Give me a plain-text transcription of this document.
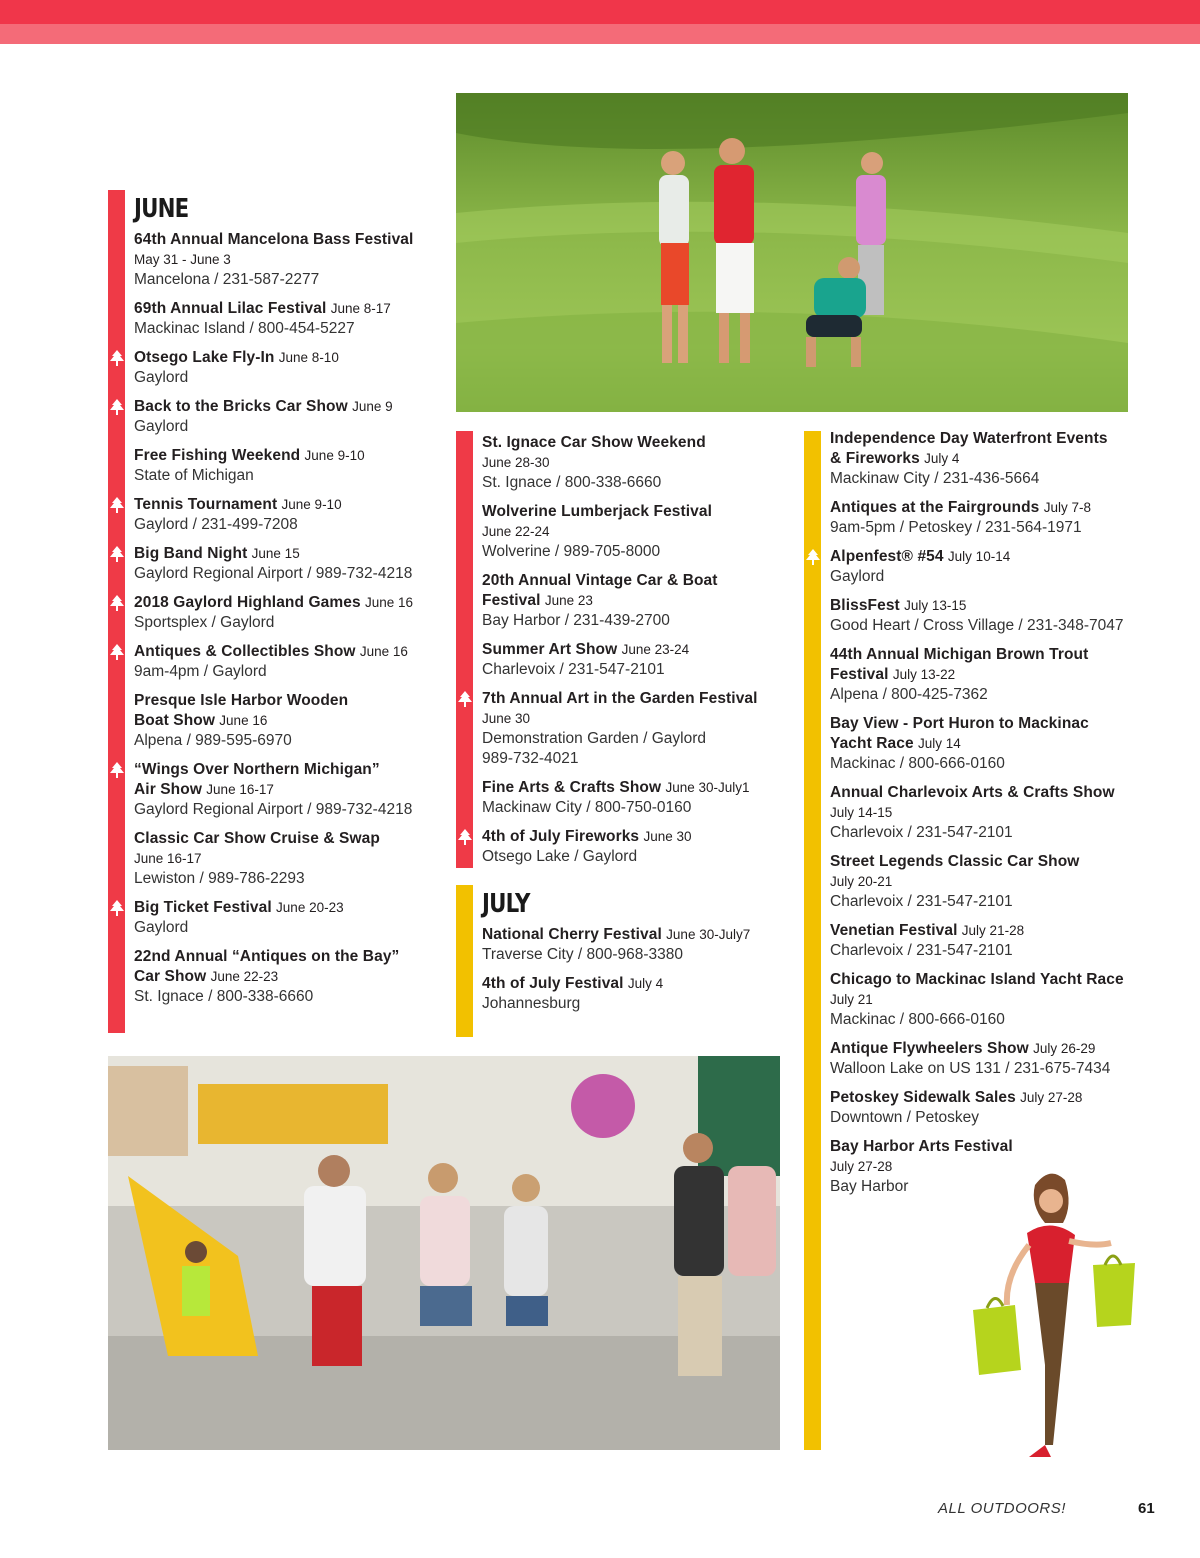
JUNE
64th Annual Mancelona Bass Festival
May 31 - June 3
Mancelona / 231-587-2277
69th Annual Lilac Festival June 8-17
Mackinac Island / 800-454-5227
Otsego Lake Fly-In June 8-10
Gaylord
Back to the Bricks Car Show June 9
Gaylord
Free Fishing Weekend June 9-10
State of Michigan
Tennis Tournament June 9-10
Gaylord / 231-499-7208
Big Band Night June 15
Gaylord Regional Airport / 989-732-4218
2018 Gaylord Highland Games June 16
Sportsplex / Gaylord
Antiques & Collectibles Show June 16
9am-4pm / Gaylord
Presque Isle Harbor Wooden
Boat Show June 16
Alpena / 989-595-6970
“Wings Over Northern Michigan”
Air Show June 16-17
Gaylord Regional Airport / 989-732-4218
Classic Car Show Cruise & Swap
June 16-17
Lewiston / 989-786-2293
Big Ticket Festival June 20-23
Gaylord
22nd Annual “Antiques on the Bay”
Car Show June 22-23
St. Ignace / 800-338-6660
St. Ignace Car Show Weekend
June 28-30
St. Ignace / 800-338-6660
Wolverine Lumberjack Festival
June 22-24
Wolverine / 989-705-8000
20th Annual Vintage Car & Boat
Festival June 23
Bay Harbor / 231-439-2700
Summer Art Show June 23-24
Charlevoix / 231-547-2101
7th Annual Art in the Garden Festival
June 30
Demonstration Garden / Gaylord
989-732-4021
Fine Arts & Crafts Show June 30-July1
Mackinaw City / 800-750-0160
4th of July Fireworks June 30
Otsego Lake / Gaylord
JULY
National Cherry Festival June 30-July7
Traverse City / 800-968-3380
4th of July Festival July 4
Johannesburg
Independence Day Waterfront Events
& Fireworks July 4
Mackinaw City / 231-436-5664
Antiques at the Fairgrounds July 7-8
9am-5pm / Petoskey / 231-564-1971
Alpenfest® #54 July 10-14
Gaylord
BlissFest July 13-15
Good Heart / Cross Village / 231-348-7047
44th Annual Michigan Brown Trout
Festival July 13-22
Alpena / 800-425-7362
Bay View - Port Huron to Mackinac
Yacht Race July 14
Mackinac / 800-666-0160
Annual Charlevoix Arts & Crafts Show
July 14-15
Charlevoix / 231-547-2101
Street Legends Classic Car Show
July 20-21
Charlevoix / 231-547-2101
Venetian Festival July 21-28
Charlevoix / 231-547-2101
Chicago to Mackinac Island Yacht Race
July 21
Mackinac / 800-666-0160
Antique Flywheelers Show July 26-29
Walloon Lake on US 131 / 231-675-7434
Petoskey Sidewalk Sales July 27-28
Downtown / Petoskey
Bay Harbor Arts Festival
July 27-28
Bay Harbor
ALL OUTDOORS!	61
